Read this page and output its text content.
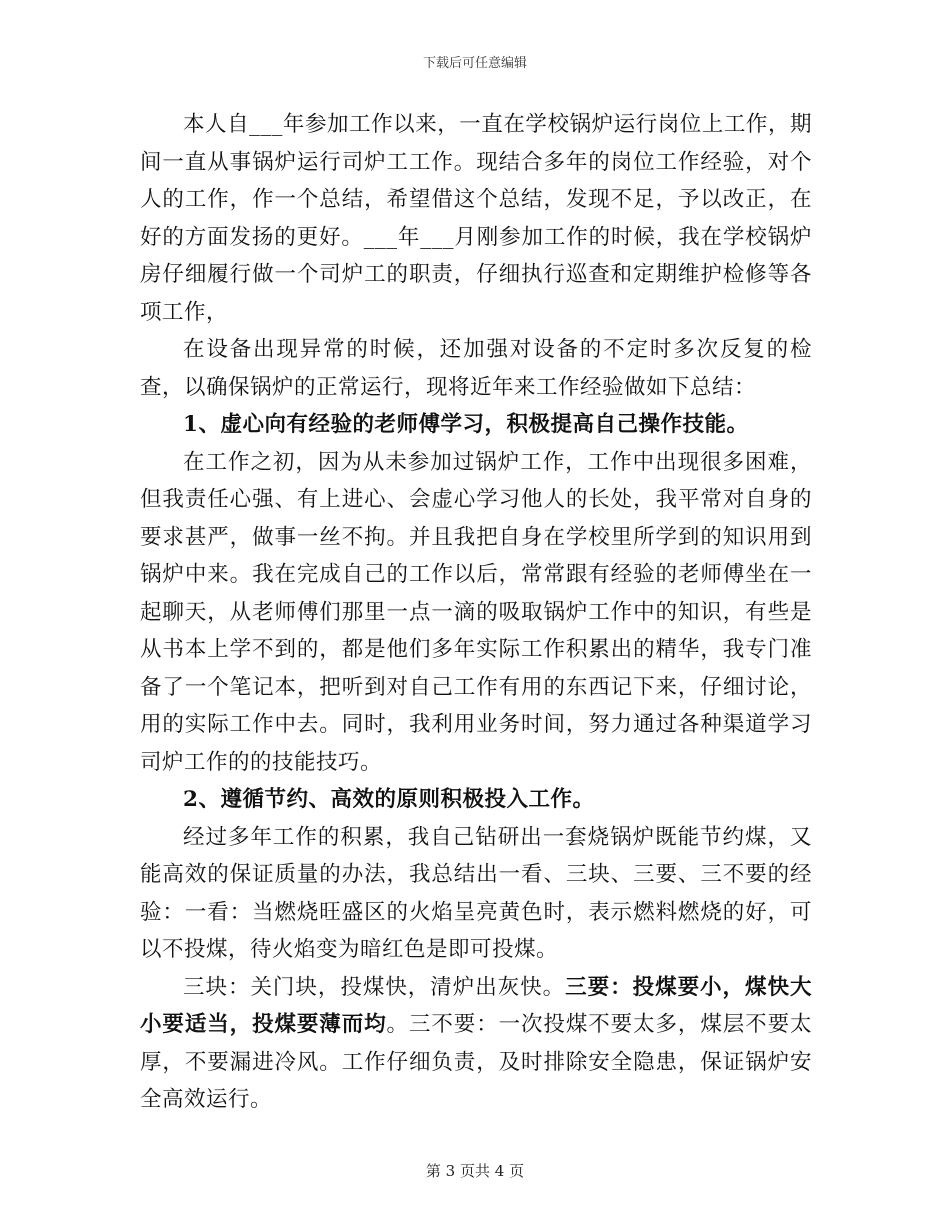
下载后可任意编辑

本人自___年参加工作以来，一直在学校锅炉运行岗位上工作，期间一直从事锅炉运行司炉工工作。现结合多年的岗位工作经验，对个人的工作，作一个总结，希望借这个总结，发现不足，予以改正，在好的方面发扬的更好。___年___月刚参加工作的时候，我在学校锅炉房仔细履行做一个司炉工的职责，仔细执行巡查和定期维护检修等各项工作，

在设备出现异常的时候，还加强对设备的不定时多次反复的检查，以确保锅炉的正常运行，现将近年来工作经验做如下总结：

1、虚心向有经验的老师傅学习，积极提高自己操作技能。

在工作之初，因为从未参加过锅炉工作，工作中出现很多困难，但我责任心强、有上进心、会虚心学习他人的长处，我平常对自身的要求甚严，做事一丝不拘。并且我把自身在学校里所学到的知识用到锅炉中来。我在完成自己的工作以后，常常跟有经验的老师傅坐在一起聊天，从老师傅们那里一点一滴的吸取锅炉工作中的知识，有些是从书本上学不到的，都是他们多年实际工作积累出的精华，我专门准备了一个笔记本，把听到对自己工作有用的东西记下来，仔细讨论，用的实际工作中去。同时，我利用业务时间，努力通过各种渠道学习司炉工作的的技能技巧。

2、遵循节约、高效的原则积极投入工作。

经过多年工作的积累，我自己钻研出一套烧锅炉既能节约煤，又能高效的保证质量的办法，我总结出一看、三块、三要、三不要的经验：一看：当燃烧旺盛区的火焰呈亮黄色时，表示燃料燃烧的好，可以不投煤，待火焰变为暗红色是即可投煤。

三块：关门块，投煤快，清炉出灰快。三要：投煤要小，煤快大小要适当，投煤要薄而均。三不要：一次投煤不要太多，煤层不要太厚，不要漏进冷风。工作仔细负责，及时排除安全隐患，保证锅炉安全高效运行。

第 3 页共 4 页
